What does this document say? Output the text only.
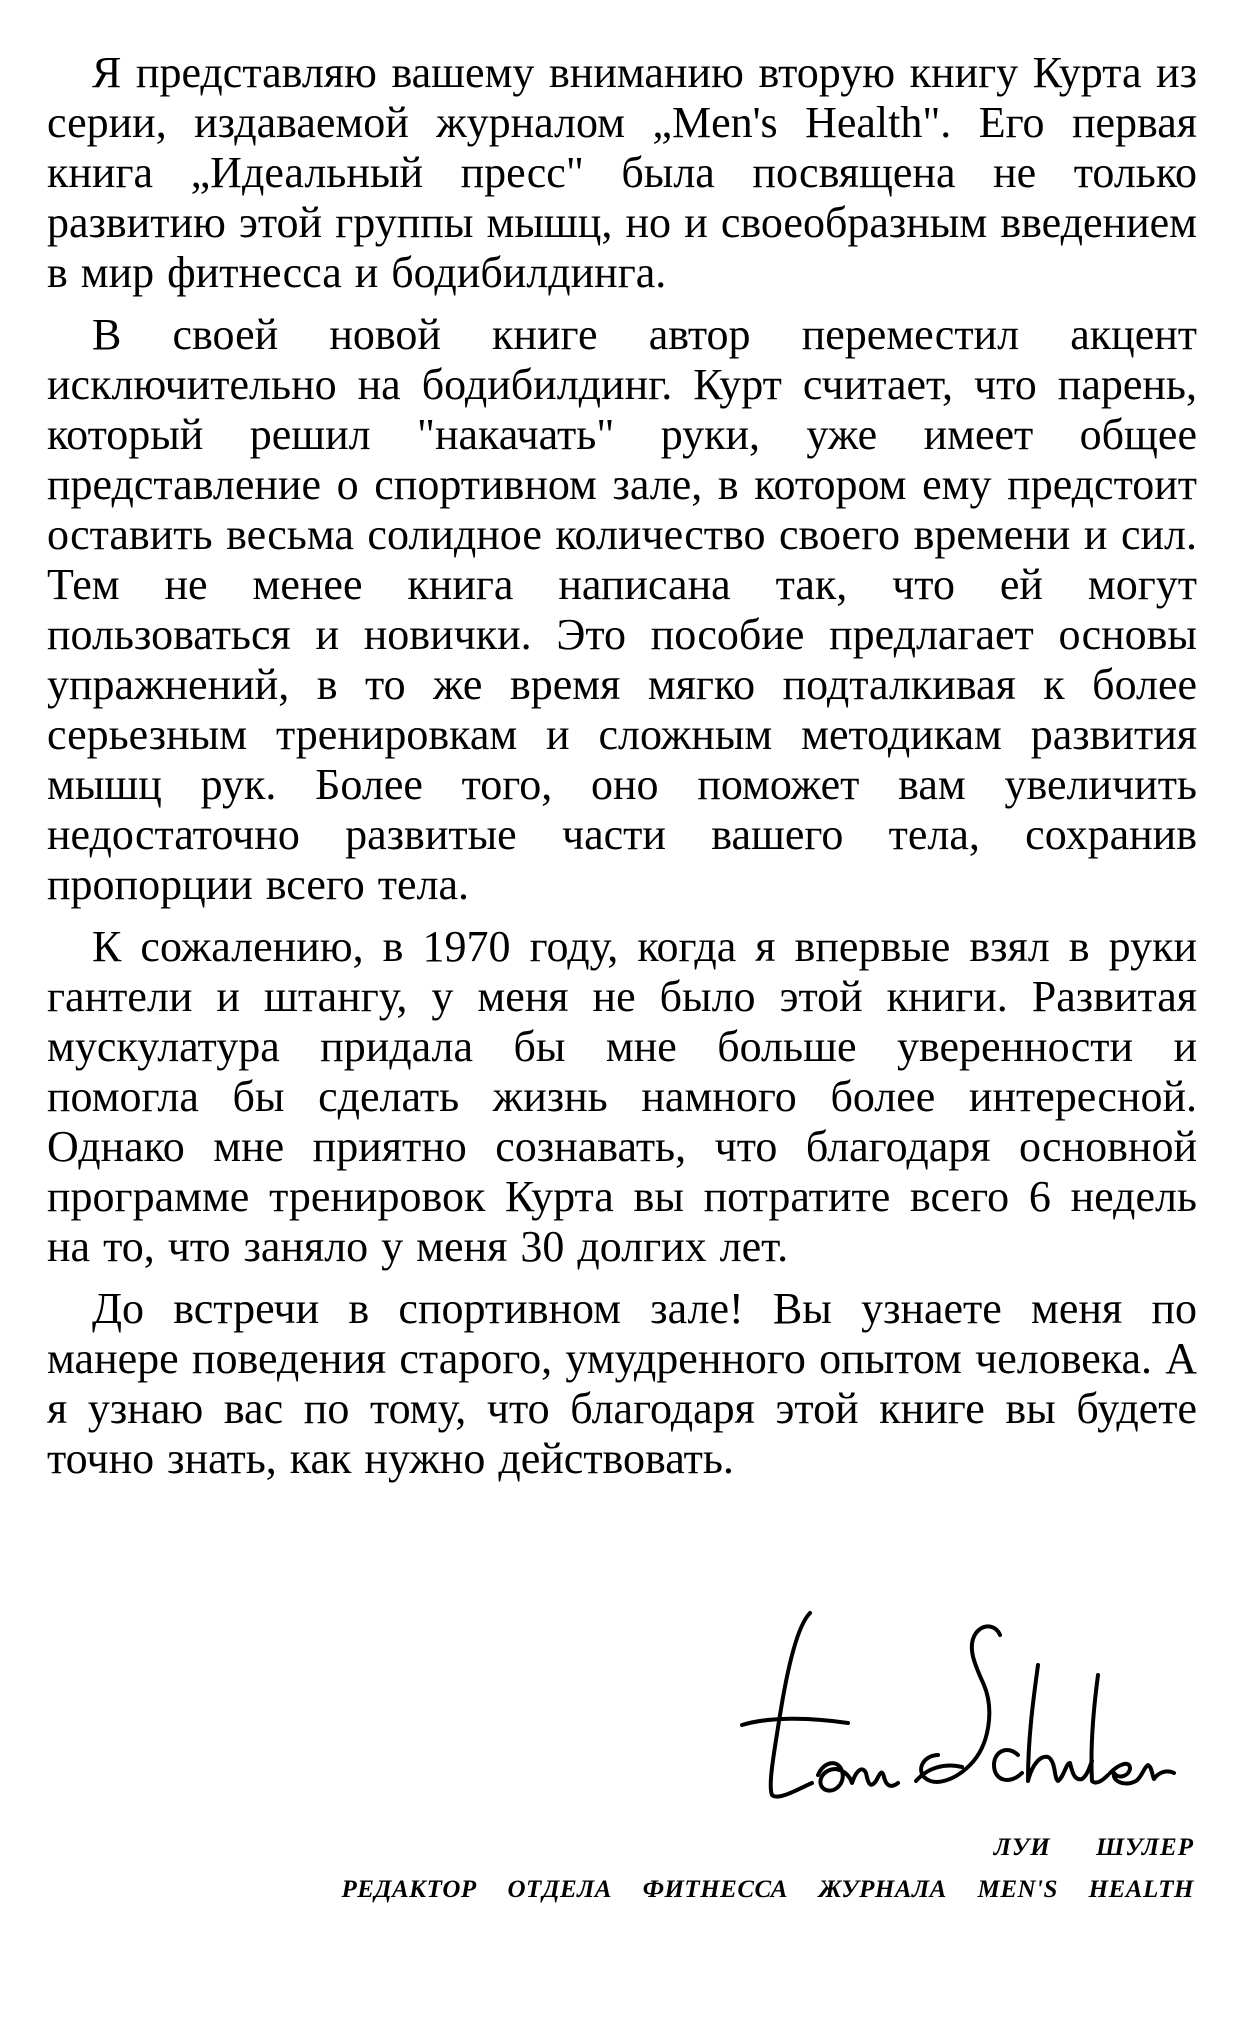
Я представляю вашему вниманию вторую книгу Курта из серии, издаваемой журналом „Men's Health". Его первая книга „Идеальный пресс" была посвящена не только развитию этой группы мышц, но и своеобразным введением в мир фитнесса и бодибилдинга.

В своей новой книге автор переместил акцент исключительно на бодибилдинг. Курт считает, что парень, который решил "накачать" руки, уже имеет общее представление о спортивном зале, в котором ему предстоит оставить весьма солидное количество своего времени и сил. Тем не менее книга написана так, что ей могут пользоваться и новички. Это пособие предлагает основы упражнений, в то же время мягко подталкивая к более серьезным тренировкам и сложным методикам развития мышц рук. Более того, оно поможет вам увеличить недостаточно развитые части вашего тела, сохранив пропорции всего тела.

К сожалению, в 1970 году, когда я впервые взял в руки гантели и штангу, у меня не было этой книги. Развитая мускулатура придала бы мне больше уверенности и помогла бы сделать жизнь намного более интересной. Однако мне приятно сознавать, что благодаря основной программе тренировок Курта вы потратите всего 6 недель на то, что заняло у меня 30 долгих лет.

До встречи в спортивном зале! Вы узнаете меня по манере поведения старого, умудренного опытом человека. А я узнаю вас по тому, что благодаря этой книге вы будете точно знать, как нужно действовать.

ЛУИ ШУЛЕР
РЕДАКТОР ОТДЕЛА ФИТНЕССА ЖУРНАЛА MEN'S HEALTH
